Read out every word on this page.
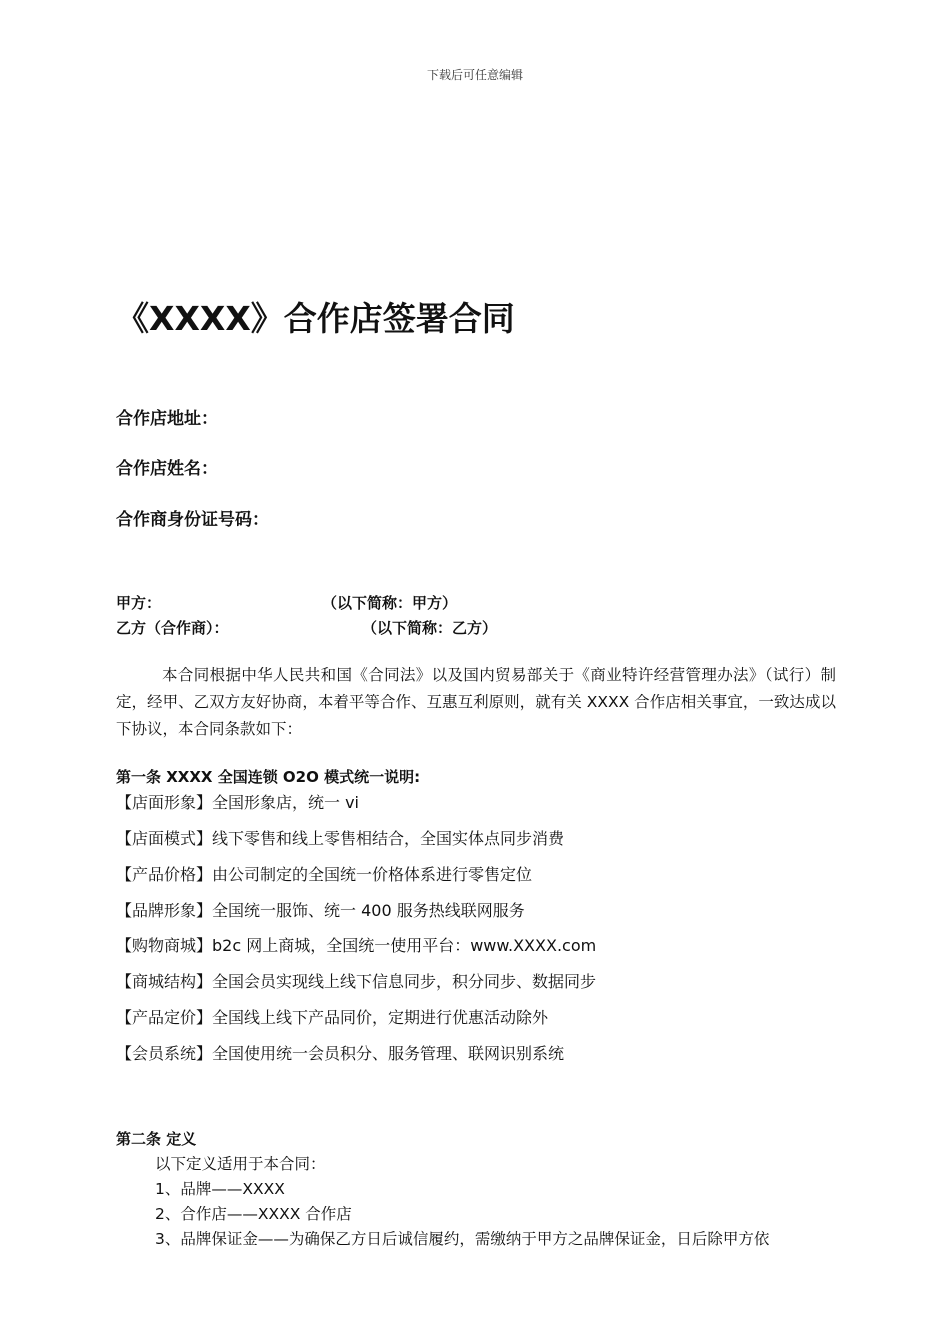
下载后可任意编辑
《XXXX》合作店签署合同
合作店地址：
合作店姓名：
合作商身份证号码：
甲方：	（以下简称：甲方）
乙方（合作商）：	（以下简称：乙方）
本合同根据中华人民共和国《合同法》以及国内贸易部关于《商业特许经营管理办法》（试行）制定，经甲、乙双方友好协商，本着平等合作、互惠互利原则，就有关 XXXX 合作店相关事宜，一致达成以下协议，本合同条款如下：
第一条 XXXX 全国连锁 O2O 模式统一说明:
【店面形象】全国形象店，统一 vi
【店面模式】线下零售和线上零售相结合，全国实体点同步消费
【产品价格】由公司制定的全国统一价格体系进行零售定位
【品牌形象】全国统一服饰、统一 400 服务热线联网服务
【购物商城】b2c 网上商城，全国统一使用平台：www.XXXX.com
【商城结构】全国会员实现线上线下信息同步，积分同步、数据同步
【产品定价】全国线上线下产品同价，定期进行优惠活动除外
【会员系统】全国使用统一会员积分、服务管理、联网识别系统
第二条 定义
以下定义适用于本合同：
1、品牌——XXXX
2、合作店——XXXX 合作店
3、品牌保证金——为确保乙方日后诚信履约，需缴纳于甲方之品牌保证金，日后除甲方依
